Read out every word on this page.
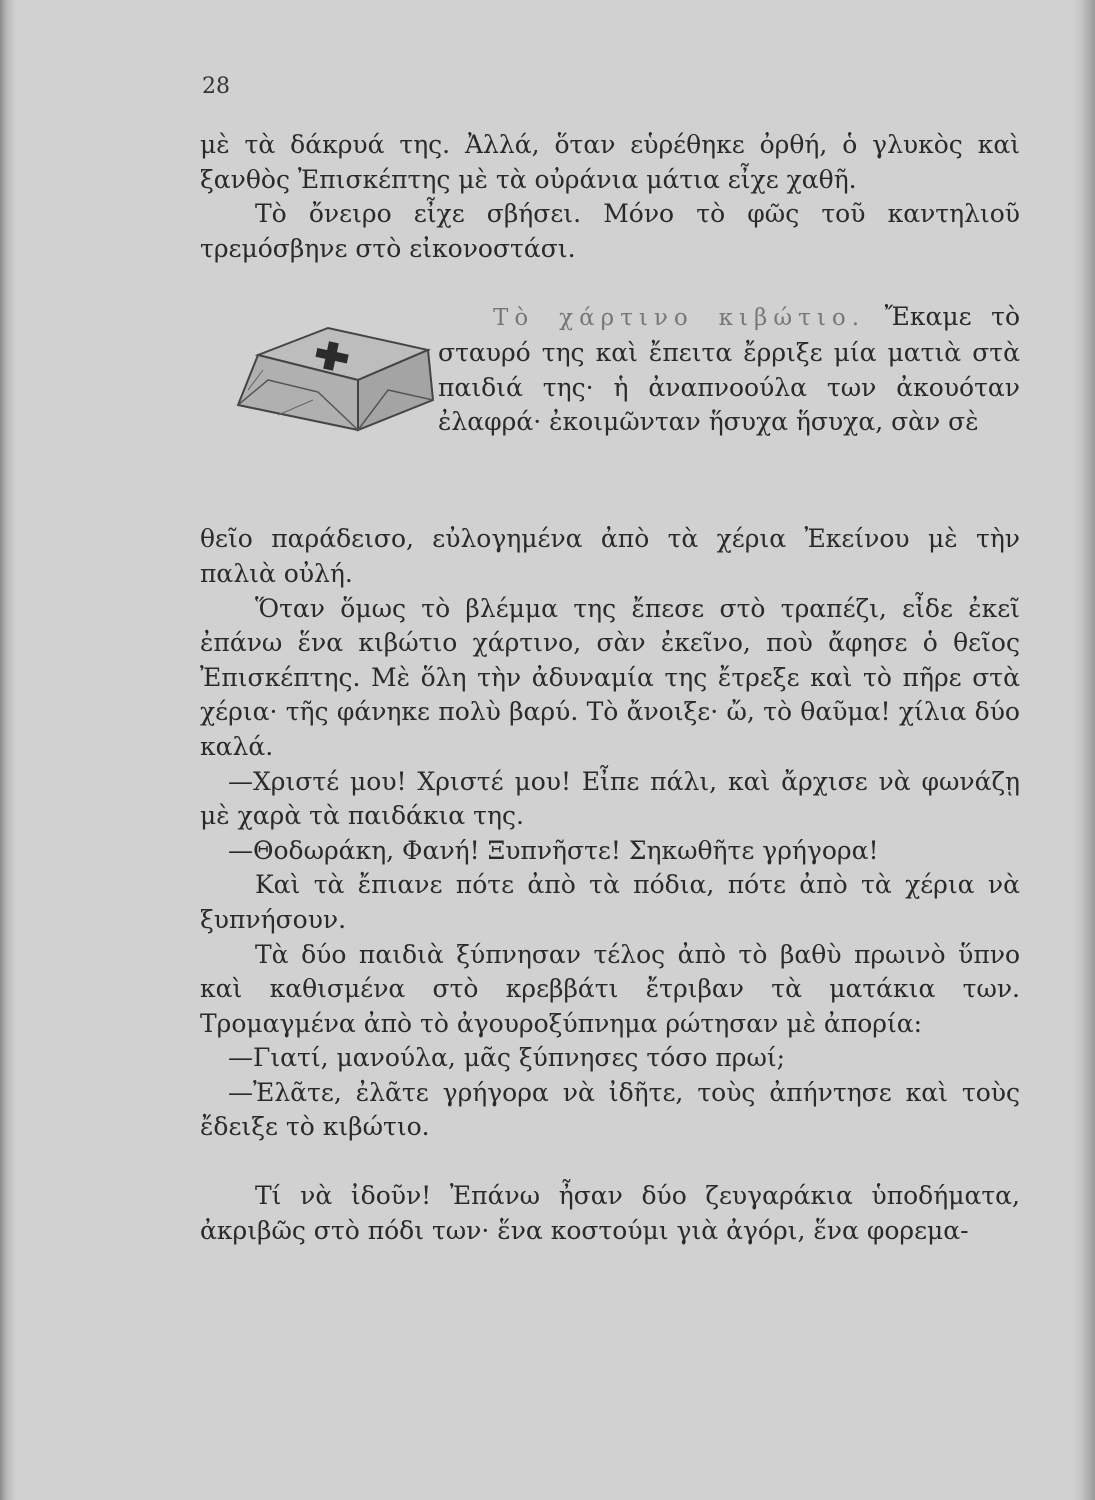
28

μὲ τὰ δάκρυά της. Ἀλλά, ὅταν εὑρέθηκε ὀρθή, ὁ γλυκὸς καὶ ξανθὸς Ἐπισκέπτης μὲ τὰ οὐράνια μάτια εἶχε χαθῆ.

Τὸ ὄνειρο εἶχε σβήσει. Μόνο τὸ φῶς τοῦ καντηλιοῦ τρεμόσβηνε στὸ εἰκονοστάσι.

Τὸ χάρτινο κιβώτιο. Ἔκαμε τὸ σταυρό της καὶ ἔπειτα ἔρριξε μία ματιὰ στὰ παιδιά της· ἡ ἀναπνοούλα των ἀκουόταν ἐλαφρά· ἐκοιμῶνταν ἥσυχα ἥσυχα, σὰν σὲ

θεῖο παράδεισο, εὐλογημένα ἀπὸ τὰ χέρια Ἐκείνου μὲ τὴν παλιὰ οὐλή.

Ὅταν ὅμως τὸ βλέμμα της ἔπεσε στὸ τραπέζι, εἶδε ἐκεῖ ἐπάνω ἕνα κιβώτιο χάρτινο, σὰν ἐκεῖνο, ποὺ ἄφησε ὁ θεῖος Ἐπισκέπτης. Μὲ ὅλη τὴν ἀδυναμία της ἔτρεξε καὶ τὸ πῆρε στὰ χέρια· τῆς φάνηκε πολὺ βαρύ. Τὸ ἄνοιξε· ὤ, τὸ θαῦμα! χίλια δύο καλά.

—Χριστέ μου! Χριστέ μου! Εἶπε πάλι, καὶ ἄρχισε νὰ φωνάζῃ μὲ χαρὰ τὰ παιδάκια της.

—Θοδωράκη, Φανή! Ξυπνῆστε! Σηκωθῆτε γρήγορα!

Καὶ τὰ ἔπιανε πότε ἀπὸ τὰ πόδια, πότε ἀπὸ τὰ χέρια νὰ ξυπνήσουν.

Τὰ δύο παιδιὰ ξύπνησαν τέλος ἀπὸ τὸ βαθὺ πρωινὸ ὕπνο καὶ καθισμένα στὸ κρεββάτι ἔτριβαν τὰ ματάκια των. Τρομαγμένα ἀπὸ τὸ ἀγουροξύπνημα ρώτησαν μὲ ἀπορία:

—Γιατί, μανούλα, μᾶς ξύπνησες τόσο πρωί;

—Ἐλᾶτε, ἐλᾶτε γρήγορα νὰ ἰδῆτε, τοὺς ἀπήντησε καὶ τοὺς ἔδειξε τὸ κιβώτιο.

Τί νὰ ἰδοῦν! Ἐπάνω ἦσαν δύο ζευγαράκια ὑποδήματα, ἀκριβῶς στὸ πόδι των· ἕνα κοστούμι γιὰ ἀγόρι, ἕνα φορεμα-
